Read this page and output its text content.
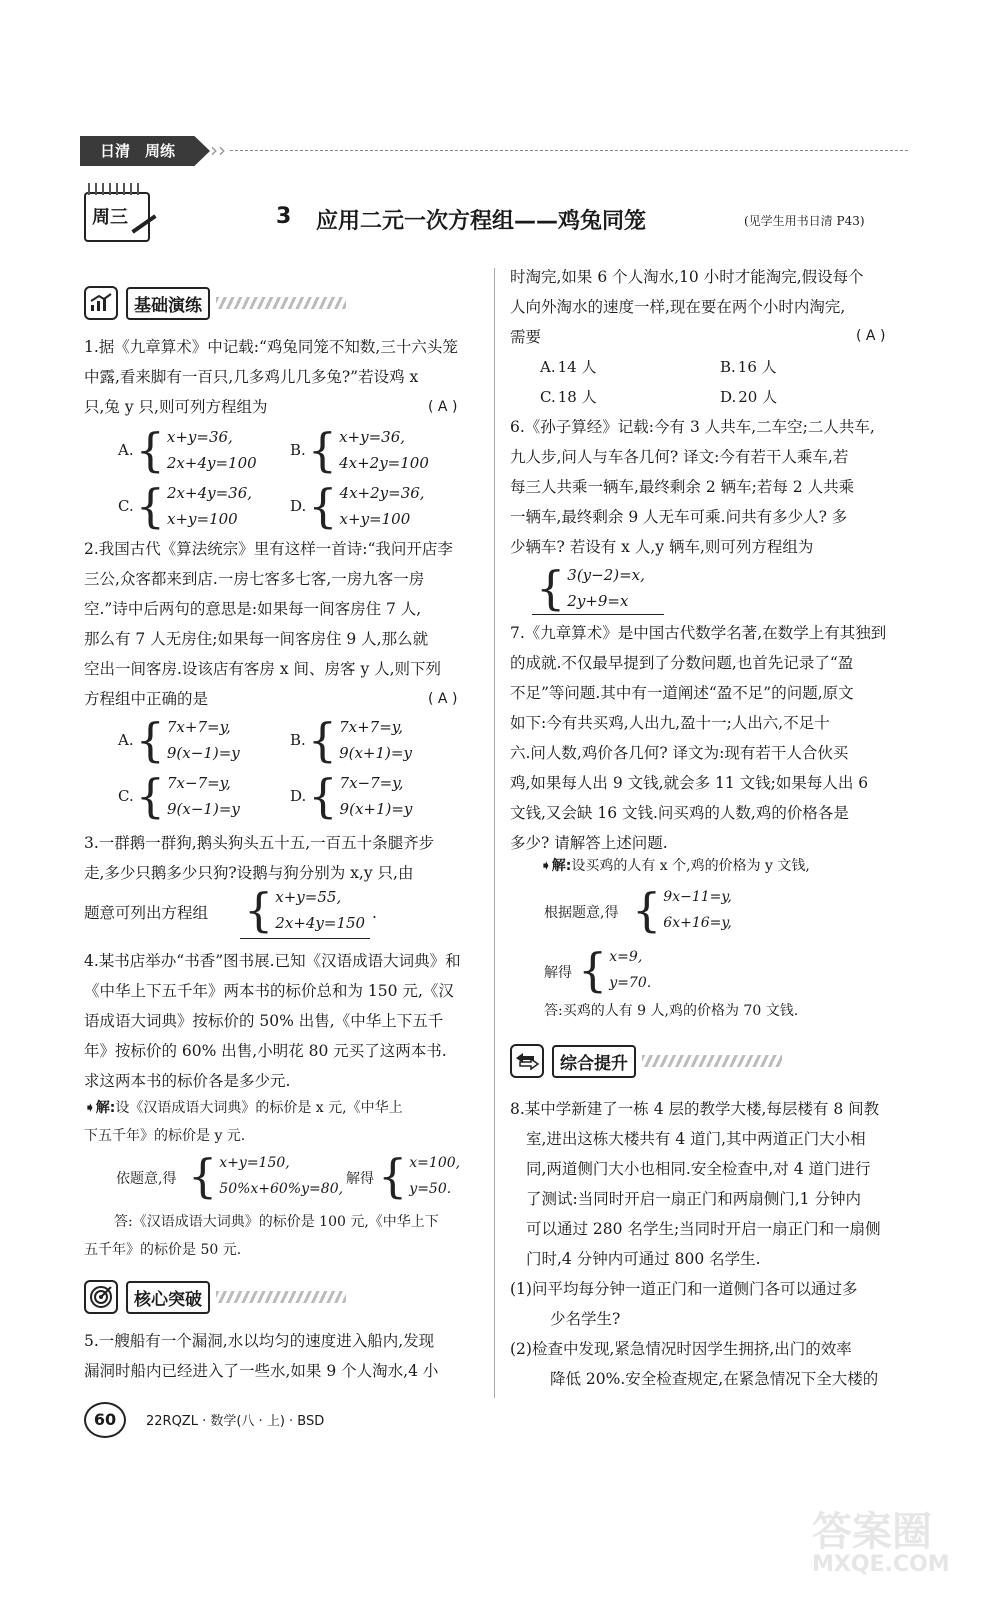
日清　周练 ››
周三	3 应用二元一次方程组——鸡兔同笼	(见学生用书日清 P43)
基础演练
1.据《九章算术》中记载:“鸡兔同笼不知数,三十六头笼
中露,看来脚有一百只,几多鸡儿几多兔?”若设鸡 x
只,兔 y 只,则可列方程组为	( A )
A. { x+y=36,
2x+4y=100
B. { x+y=36,
4x+2y=100
C. { 2x+4y=36,
x+y=100
D. { 4x+2y=36,
x+y=100
2.我国古代《算法统宗》里有这样一首诗:“我问开店李
三公,众客都来到店.一房七客多七客,一房九客一房
空.”诗中后两句的意思是:如果每一间客房住 7 人,
那么有 7 人无房住;如果每一间客房住 9 人,那么就
空出一间客房.设该店有客房 x 间、房客 y 人,则下列
方程组中正确的是	( A )
A. { 7x+7=y,
9(x−1)=y
B. { 7x+7=y,
9(x+1)=y
C. { 7x−7=y,
9(x−1)=y
D. { 7x−7=y,
9(x+1)=y
3.一群鹅一群狗,鹅头狗头五十五,一百五十条腿齐步
走,多少只鹅多少只狗?设鹅与狗分别为 x,y 只,由
题意可列出方程组 { x+y=55,
2x+4y=150
.
4.某书店举办“书香”图书展.已知《汉语成语大词典》和
《中华上下五千年》两本书的标价总和为 150 元,《汉
语成语大词典》按标价的 50% 出售,《中华上下五千
年》按标价的 60% 出售,小明花 80 元买了这两本书.
求这两本书的标价各是多少元.
➧解:设《汉语成语大词典》的标价是 x 元,《中华上
下五千年》的标价是 y 元.
依题意,得 { x+y=150,
50%x+60%y=80,
解得 { x=100,
y=50.
答:《汉语成语大词典》的标价是 100 元,《中华上下
五千年》的标价是 50 元.
核心突破
5.一艘船有一个漏洞,水以均匀的速度进入船内,发现
漏洞时船内已经进入了一些水,如果 9 个人淘水,4 小
时淘完,如果 6 个人淘水,10 小时才能淘完,假设每个
人向外淘水的速度一样,现在要在两个小时内淘完,
需要	( A )
A. 14 人	B. 16 人
C. 18 人	D. 20 人
6.《孙子算经》记载:今有 3 人共车,二车空;二人共车,
九人步,问人与车各几何? 译文:今有若干人乘车,若
每三人共乘一辆车,最终剩余 2 辆车;若每 2 人共乘
一辆车,最终剩余 9 人无车可乘.问共有多少人? 多
少辆车? 若设有 x 人,y 辆车,则可列方程组为
{ 3(y−2)=x,
2y+9=x
7.《九章算术》是中国古代数学名著,在数学上有其独到
的成就.不仅最早提到了分数问题,也首先记录了“盈
不足”等问题.其中有一道阐述“盈不足”的问题,原文
如下:今有共买鸡,人出九,盈十一;人出六,不足十
六.问人数,鸡价各几何? 译文为:现有若干人合伙买
鸡,如果每人出 9 文钱,就会多 11 文钱;如果每人出 6
文钱,又会缺 16 文钱.问买鸡的人数,鸡的价格各是
多少? 请解答上述问题.
➧解:设买鸡的人有 x 个,鸡的价格为 y 文钱,
根据题意,得 { 9x−11=y,
6x+16=y,
解得 { x=9,
y=70.
答:买鸡的人有 9 人,鸡的价格为 70 文钱.
综合提升
8.某中学新建了一栋 4 层的教学大楼,每层楼有 8 间教
室,进出这栋大楼共有 4 道门,其中两道正门大小相
同,两道侧门大小也相同.安全检查中,对 4 道门进行
了测试:当同时开启一扇正门和两扇侧门,1 分钟内
可以通过 280 名学生;当同时开启一扇正门和一扇侧
门时,4 分钟内可通过 800 名学生.
(1)问平均每分钟一道正门和一道侧门各可以通过多
少名学生?
(2)检查中发现,紧急情况时因学生拥挤,出门的效率
降低 20%.安全检查规定,在紧急情况下全大楼的
60	22RQZL · 数学(八 · 上) · BSD
答案圈
MXQE.COM
